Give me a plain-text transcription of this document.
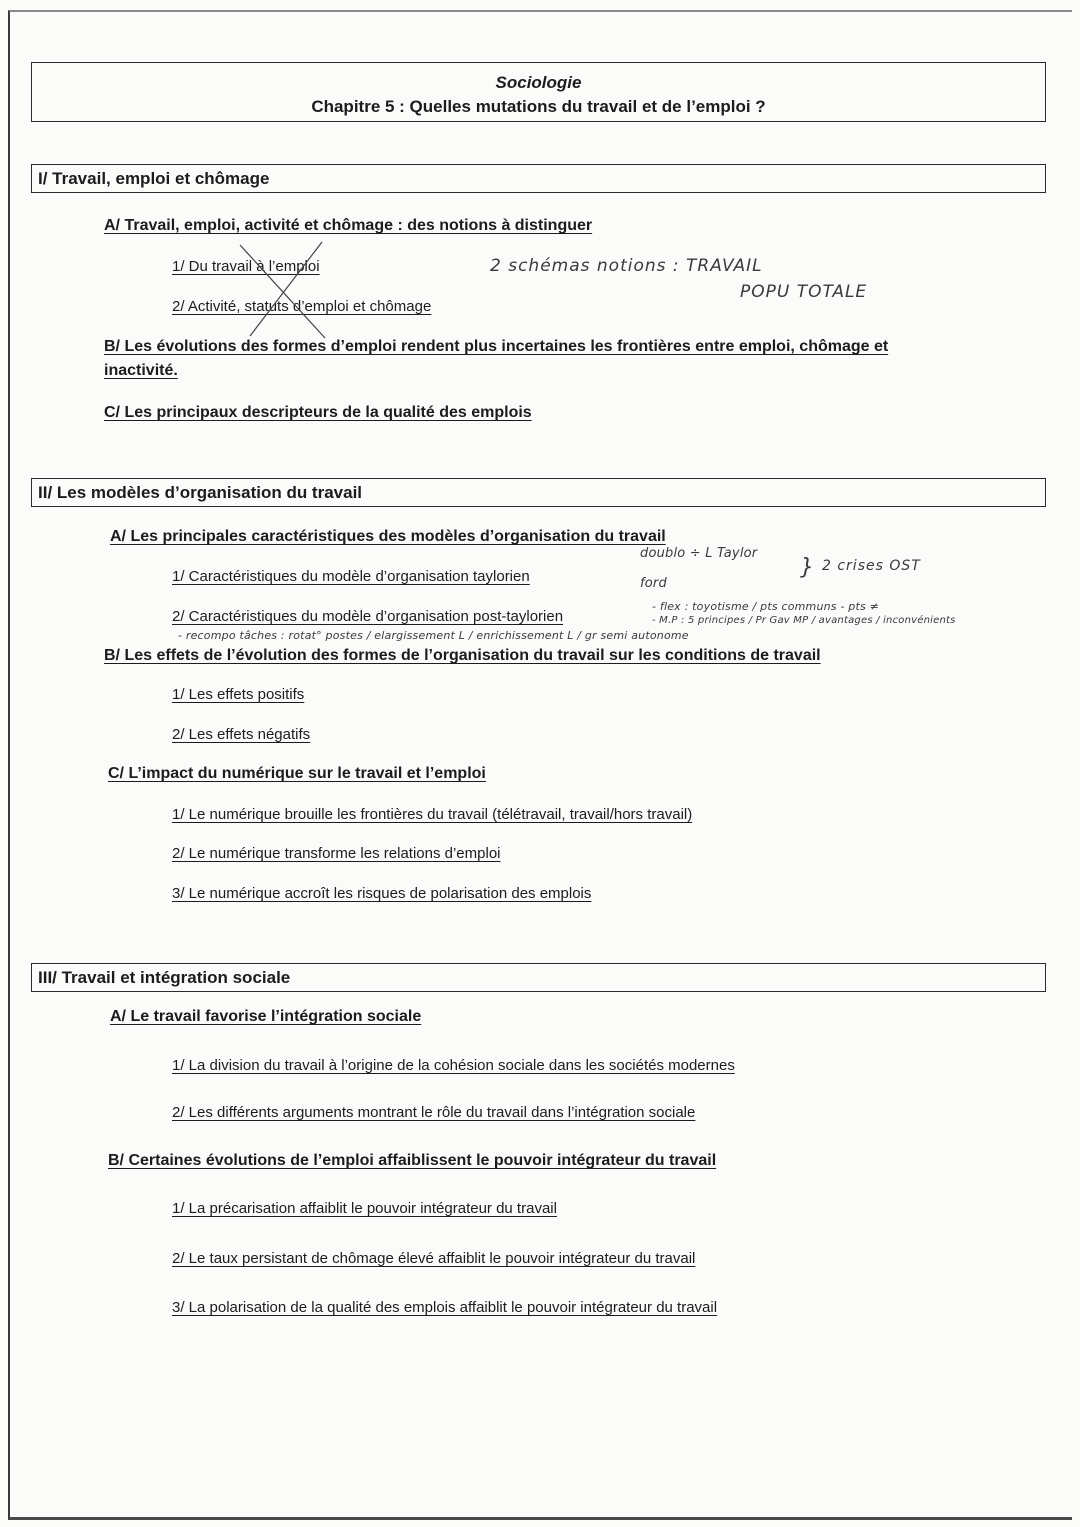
Sociologie
Chapitre 5 : Quelles mutations du travail et de l’emploi ?
I/ Travail, emploi et chômage
A/ Travail, emploi, activité et chômage : des notions à distinguer
1/ Du travail à l’emploi
2/ Activité, statuts d’emploi et chômage
2 schémas notions : TRAVAIL
POPU TOTALE
B/ Les évolutions des formes d’emploi rendent plus incertaines les frontières entre emploi, chômage et
inactivité.
C/ Les principaux descripteurs de la qualité des emplois
II/ Les modèles d’organisation du travail
A/ Les principales caractéristiques des modèles d’organisation du travail
1/ Caractéristiques du modèle d’organisation taylorien
doublo ÷ L Taylor
ford
} 2 crises OST
2/ Caractéristiques du modèle d’organisation post-taylorien
- flex : toyotisme / pts communs - pts ≠
- M.P : 5 principes / Pr Gav MP / avantages / inconvénients
- recompo tâches : rotat° postes / elargissement L / enrichissement L / gr semi autonome
B/ Les effets de l’évolution des formes de l’organisation du travail sur les conditions de travail
1/ Les effets positifs
2/ Les effets négatifs
C/ L’impact du numérique sur le travail et l’emploi
1/ Le numérique brouille les frontières du travail (télétravail, travail/hors travail)
2/ Le numérique transforme les relations d’emploi
3/ Le numérique accroît les risques de polarisation des emplois
III/ Travail et intégration sociale
A/ Le travail favorise l’intégration sociale
1/ La division du travail à l’origine de la cohésion sociale dans les sociétés modernes
2/ Les différents arguments montrant le rôle du travail dans l’intégration sociale
B/ Certaines évolutions de l’emploi affaiblissent le pouvoir intégrateur du travail
1/ La précarisation affaiblit le pouvoir intégrateur du travail
2/ Le taux persistant de chômage élevé affaiblit le pouvoir intégrateur du travail
3/ La polarisation de la qualité des emplois affaiblit le pouvoir intégrateur du travail
